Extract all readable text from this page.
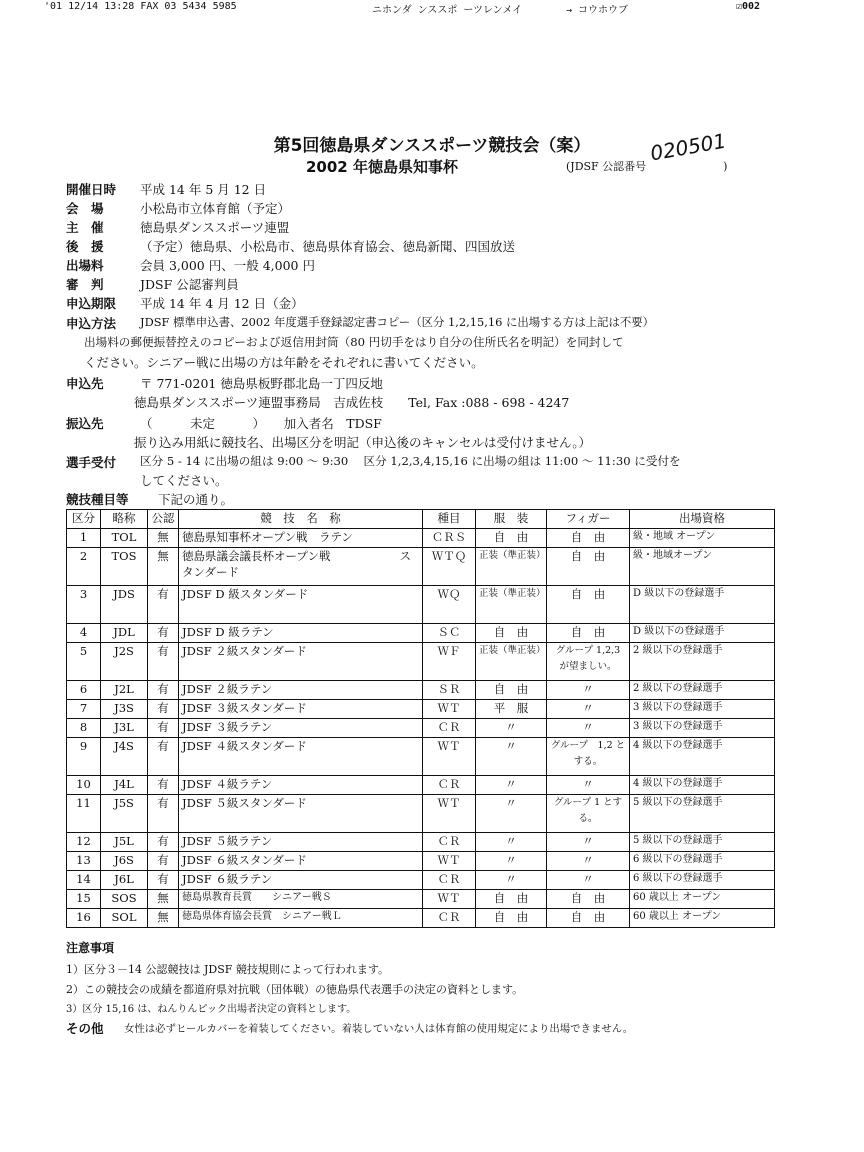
'01 12/14 13:28 FAX 03 5434 5985	ニホンダ ンススポ ーツレンメイ	→ コウホウブ	☑002
第5回徳島県ダンススポーツ競技会（案）
2002 年徳島県知事杯	(JDSF 公認番号　　　　　　　)
020501
開催日時 平成 14 年 5 月 12 日
会　場	小松島市立体育館（予定）
主　催	徳島県ダンススポーツ連盟
後　援	（予定）徳島県、小松島市、徳島県体育協会、徳島新聞、四国放送
出場料	会員 3,000 円、一般 4,000 円
審　判	JDSF 公認審判員
申込期限 平成 14 年 4 月 12 日（金）
申込方法 JDSF 標準申込書、2002 年度選手登録認定書コピー（区分 1,2,15,16 に出場する方は上記は不要）
出場料の郵便振替控えのコピーおよび返信用封筒（80 円切手をはり自分の住所氏名を明記）を同封して
ください。シニアー戦に出場の方は年齢をそれぞれに書いてください。
申込先	〒 771-0201 徳島県板野郡北島一丁四反地
徳島県ダンススポーツ連盟事務局　吉成佐枝　　Tel, Fax :088 - 698 - 4247
振込先	（　　　未定　　　）　　加入者名　TDSF
振り込み用紙に競技名、出場区分を明記（申込後のキャンセルは受付けません。）
選手受付 区分 5 - 14 に出場の組は 9:00 ～ 9:30　 区分 1,2,3,4,15,16 に出場の組は 11:00 ～ 11:30 に受付を
してください。
競技種目等 下記の通り。
区分	略称	公認	競　技　名　称	種目	服　装	フィガー	出場資格
1	TOL	無	徳島県知事杯オープン戦　ラテン	ＣＲＳ	自　由	自　由	級・地域 オープン
2	TOS	無	徳島県議会議長杯オープン戦　　　　　　スタンダード	ＷＴＱ	正装（準正装）	自　由	級・地域オープン
3	JDS	有	JDSF D 級スタンダード	ＷＱ	正装（準正装）	自　由	D 級以下の登録選手
4	JDL	有	JDSF D 級ラテン	ＳＣ	自　由	自　由	D 級以下の登録選手
5	J2S	有	JDSF ２級スタンダード	ＷＦ	正装（準正装）	グループ 1,2,3 が望ましい。	2 級以下の登録選手
6	J2L	有	JDSF ２級ラテン	ＳＲ	自　由	〃	2 級以下の登録選手
7	J3S	有	JDSF ３級スタンダード	ＷＴ	平　服	〃	3 級以下の登録選手
8	J3L	有	JDSF ３級ラテン	ＣＲ	〃	〃	3 級以下の登録選手
9	J4S	有	JDSF ４級スタンダード	ＷＴ	〃	グループ　1,2 とする。	4 級以下の登録選手
10	J4L	有	JDSF ４級ラテン	ＣＲ	〃	〃	4 級以下の登録選手
11	J5S	有	JDSF ５級スタンダード	ＷＴ	〃	グループ 1 とする。	5 級以下の登録選手
12	J5L	有	JDSF ５級ラテン	ＣＲ	〃	〃	5 級以下の登録選手
13	J6S	有	JDSF ６級スタンダード	ＷＴ	〃	〃	6 級以下の登録選手
14	J6L	有	JDSF ６級ラテン	ＣＲ	〃	〃	6 級以下の登録選手
15	SOS	無	徳島県教育長賞　　シニアー戦Ｓ	ＷＴ	自　由	自　由	60 歳以上 オープン
16	SOL	無	徳島県体育協会長賞　シニアー戦Ｌ	ＣＲ	自　由	自　由	60 歳以上 オープン
注意事項
1）区分３－14 公認競技は JDSF 競技規則によって行われます。
2）この競技会の成績を都道府県対抗戦（団体戦）の徳島県代表選手の決定の資料とします。
3）区分 15,16 は、ねんりんピック出場者決定の資料とします。
その他 女性は必ずヒールカバーを着装してください。着装していない人は体育館の使用規定により出場できません。
